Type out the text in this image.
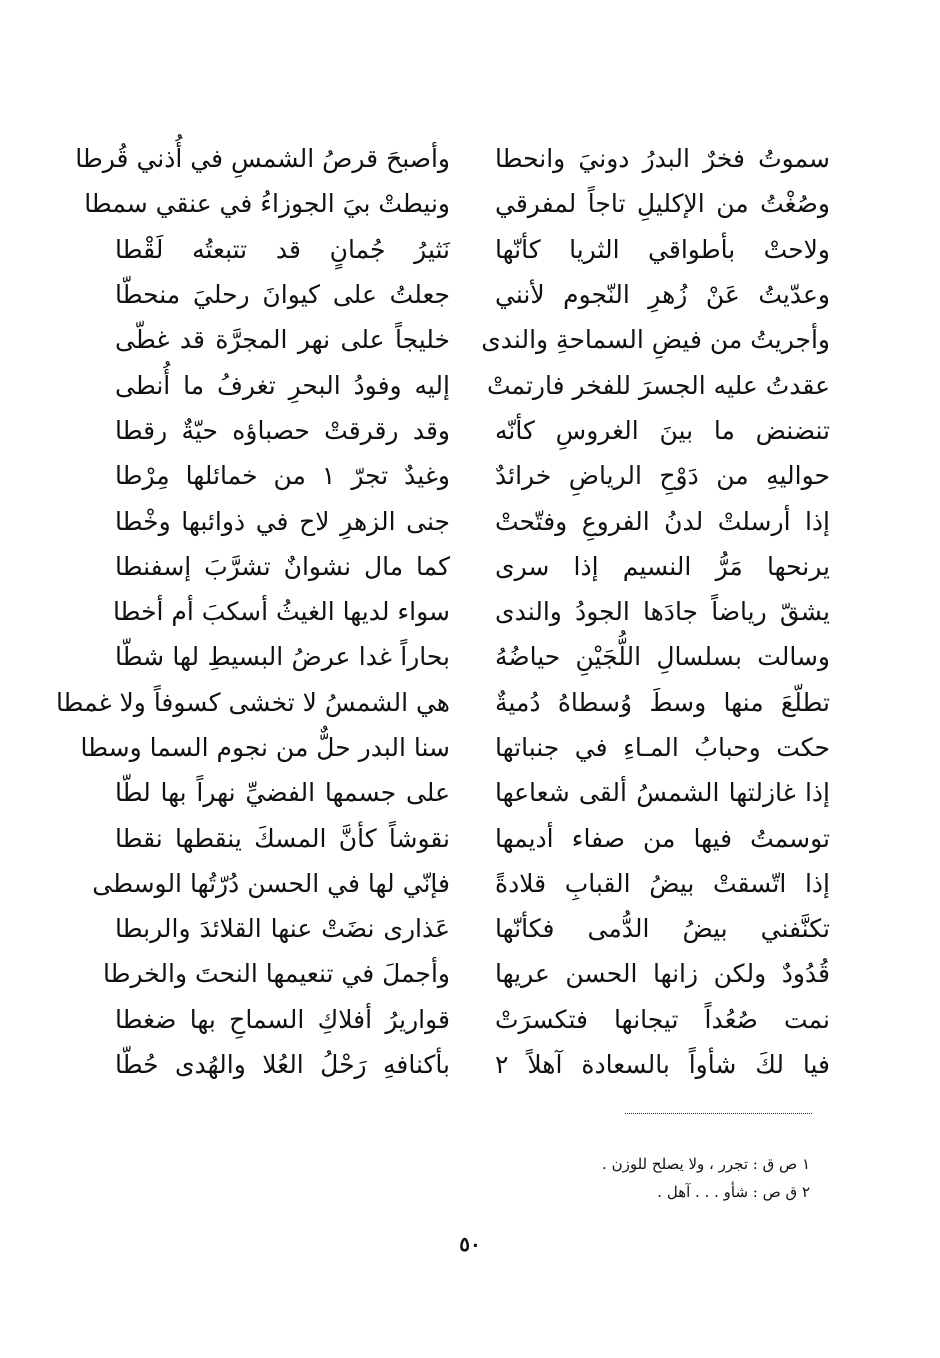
سموتُ فخرٌ البدرُ دونيَ وانحطا
وأصبحَ قرصُ الشمسِ في أُذني قُرطا
وصُغْتُ من الإكليلِ تاجاً لمفرقي
ونيطتْ بيَ الجوزاءُ في عنقي سمطا
ولاحتْ بأطواقي الثريا كأنّها
نَثيرُ جُمانٍ قد تتبعتُه لَقْطا
وعدّيتُ عَنْ زُهرِ النّجوم لأنني
جعلتُ على كيوانَ رحليَ منحطّا
وأجريتُ من فيضِ السماحةِ والندى
خليجاً على نهر المجرَّة قد غطّى
عقدتُ عليه الجسرَ للفخر فارتمتْ
إليه وفودُ البحرِ تغرفُ ما أُنطى
تنضنض ما بينَ الغروسِ كأنّه
وقد رقرقتْ حصباؤه حيّةٌ رقطا
حواليهِ من دَوْحِ الرياضِ خرائدٌ
وغيدٌ تجرّ ١ من خمائلها مِرْطا
إذا أرسلتْ لدنُ الفروعِ وفتّحتْ
جنى الزهرِ لاح في ذوائبها وخْطا
يرنحها مَرُّ النسيم إذا سرى
كما مال نشوانٌ تشرَّبَ إسفنطا
يشقّ رياضاً جادَها الجودُ والندى
سواء لديها الغيثُ أسكبَ أم أخطا
وسالت بسلسالِ اللُّجَيْنِ حياضُهُ
بحاراً غدا عرضُ البسيطِ لها شطّا
تطلّعَ منها وسطَ وُسطاهُ دُميةٌ
هي الشمسُ لا تخشى كسوفاً ولا غمطا
حكت وحبابُ المـاءِ في جنباتها
سنا البدر حلٌّ من نجوم السما وسطا
إذا غازلتها الشمسُ ألقى شعاعها
على جسمها الفضيِّ نهراً بها لطّا
توسمتُ فيها من صفاء أديمها
نقوشاً كأنَّ المسكَ ينقطها نقطا
إذا اتّسقتْ بيضُ القبابِ قلادةً
فإنّي لها في الحسن دُرّتُها الوسطى
تكنَّفني بيضُ الدُّمى فكأنّها
عَذارى نضَتْ عنها القلائدَ والربطا
قُدُودٌ ولكن زانها الحسن عريها
وأجملَ في تنعيمها النحتَ والخرطا
نمت صُعُداً تيجانها فتكسرَتْ
قواريرُ أفلاكِ السماحِ بها ضغطا
فيا لكَ شأواً بالسعادة آهلاً ٢
بأكنافهِ رَحْلُ العُلا والهُدى حُطّا
١ ص ق : تجرر ، ولا يصلح للوزن .
٢ ق ص : شأو . . . آهل .
٥٠
